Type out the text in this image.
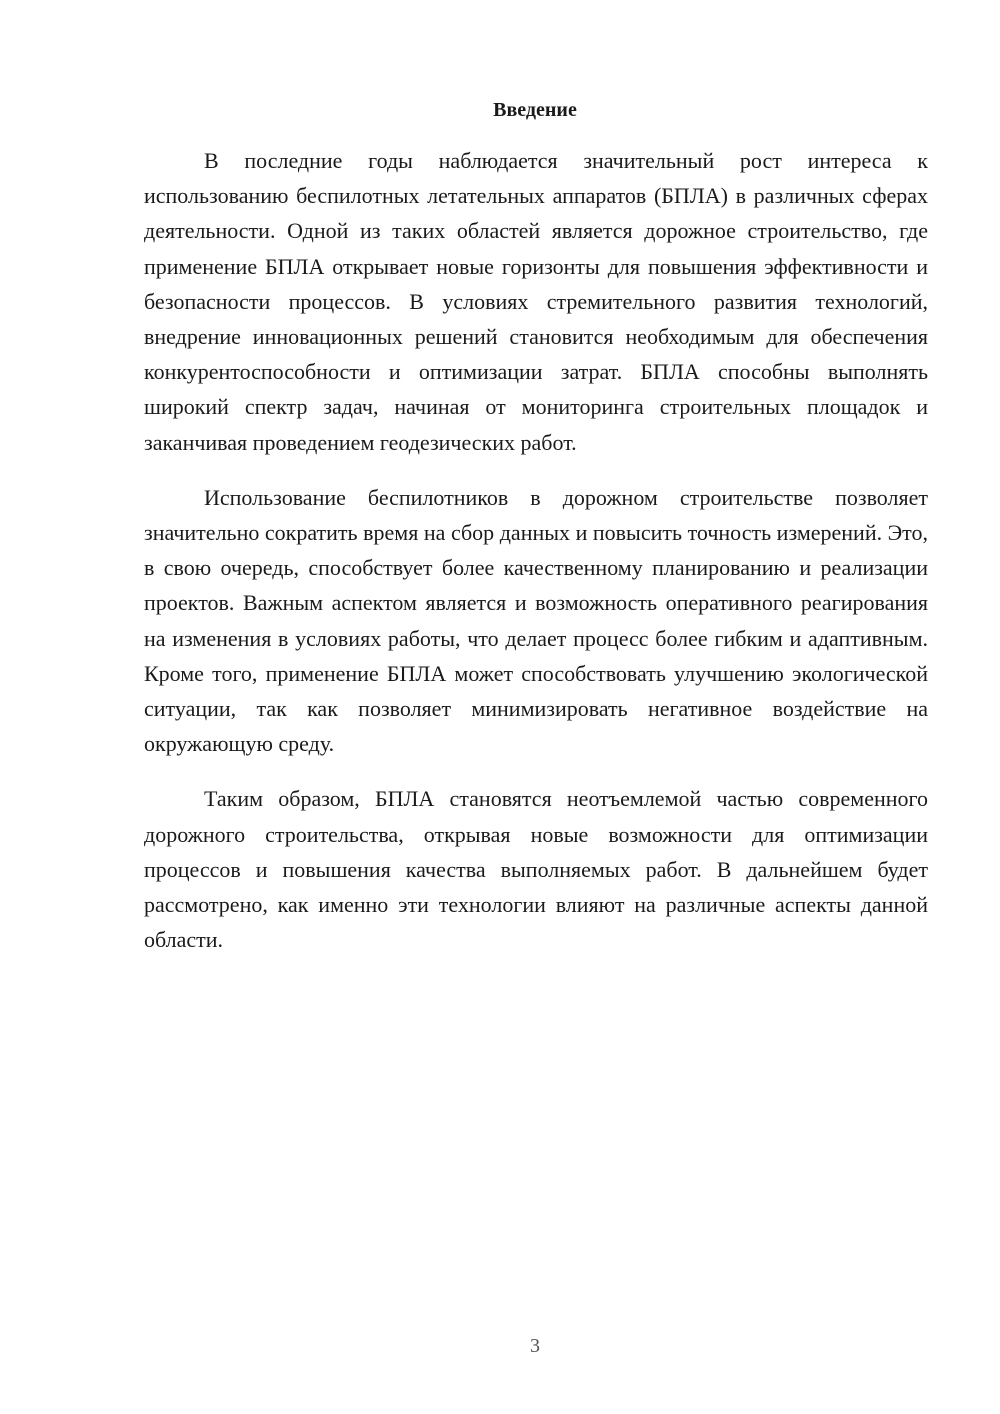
Введение

В последние годы наблюдается значительный рост интереса к использованию беспилотных летательных аппаратов (БПЛА) в различных сферах деятельности. Одной из таких областей является дорожное строительство, где применение БПЛА открывает новые горизонты для повышения эффективности и безопасности процессов. В условиях стремительного развития технологий, внедрение инновационных решений становится необходимым для обеспечения конкурентоспособности и оптимизации затрат. БПЛА способны выполнять широкий спектр задач, начиная от мониторинга строительных площадок и заканчивая проведением геодезических работ.

Использование беспилотников в дорожном строительстве позволяет значительно сократить время на сбор данных и повысить точность измерений. Это, в свою очередь, способствует более качественному планированию и реализации проектов. Важным аспектом является и возможность оперативного реагирования на изменения в условиях работы, что делает процесс более гибким и адаптивным. Кроме того, применение БПЛА может способствовать улучшению экологической ситуации, так как позволяет минимизировать негативное воздействие на окружающую среду.

Таким образом, БПЛА становятся неотъемлемой частью современного дорожного строительства, открывая новые возможности для оптимизации процессов и повышения качества выполняемых работ. В дальнейшем будет рассмотрено, как именно эти технологии влияют на различные аспекты данной области.

3
